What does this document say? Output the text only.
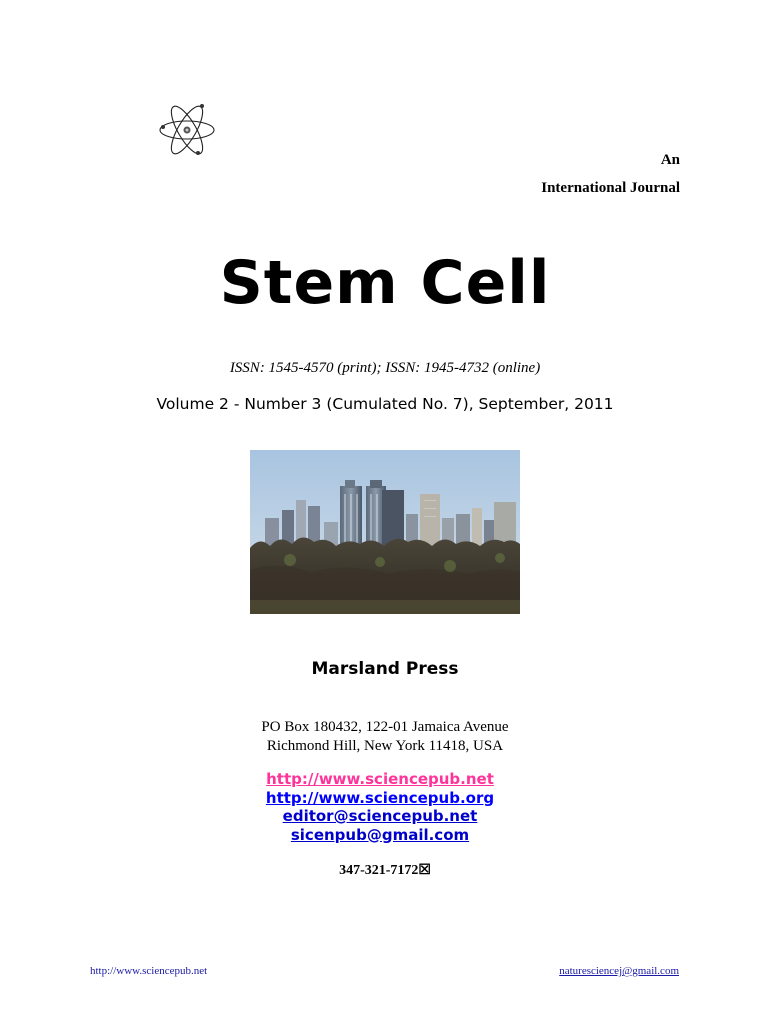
An
International Journal
Stem Cell
ISSN: 1545-4570 (print); ISSN: 1945-4732 (online)
Volume 2 - Number 3 (Cumulated No. 7), September, 2011
Marsland Press
PO Box 180432, 122-01 Jamaica Avenue
Richmond Hill, New York 11418, USA
http://www.sciencepub.net
http://www.sciencepub.org
editor@sciencepub.net
sicenpub@gmail.com
347-321-7172☒
http://www.sciencepub.net	naturesciencej@gmail.com
